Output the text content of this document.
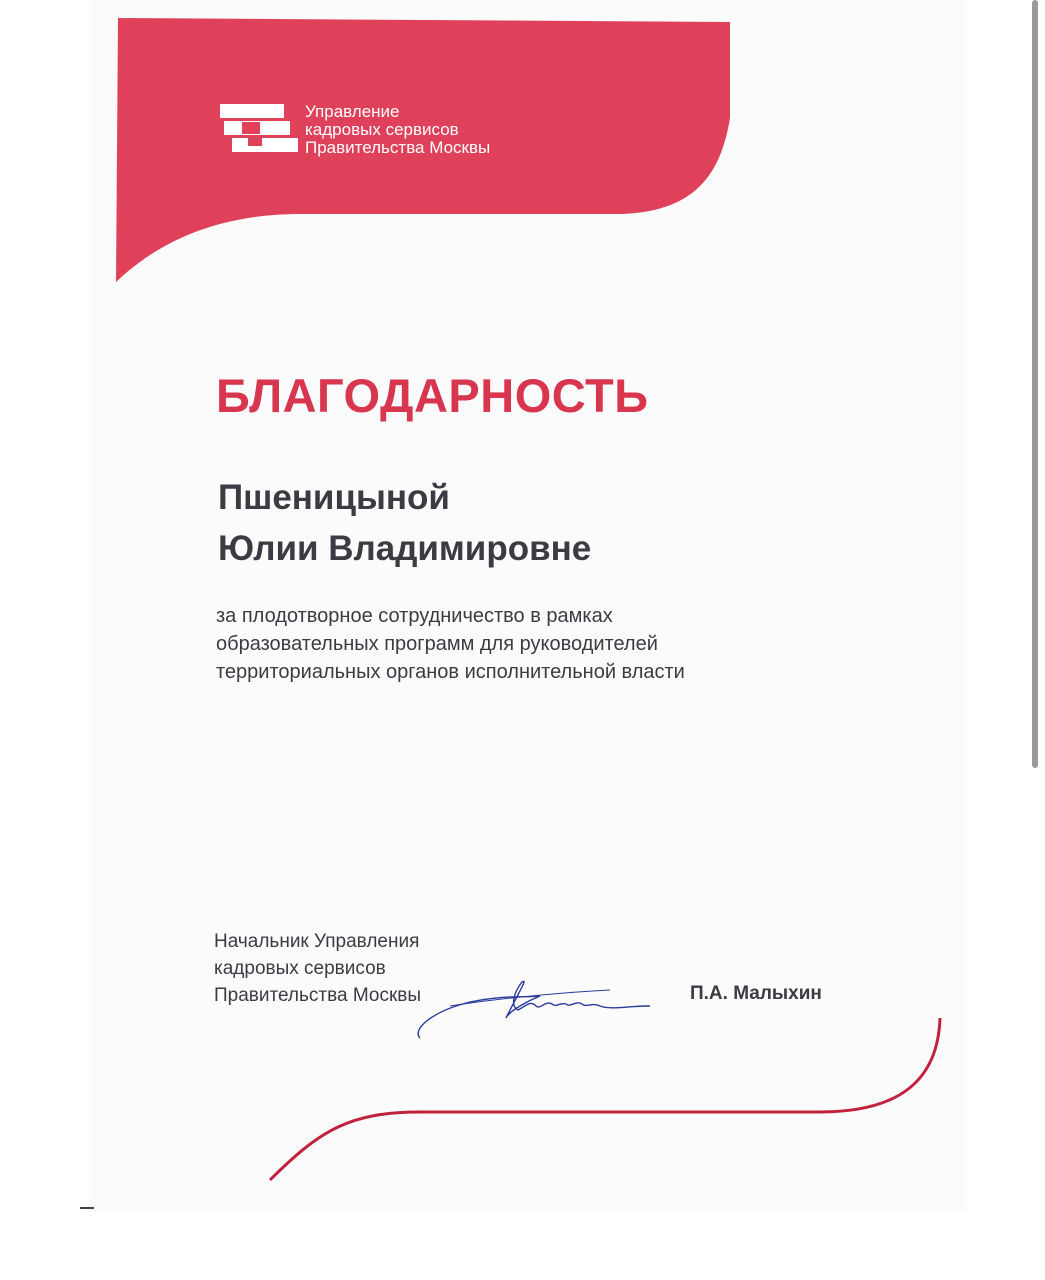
Управление
кадровых сервисов
Правительства Москвы
БЛАГОДАРНОСТЬ
Пшеницыной
Юлии Владимировне
за плодотворное сотрудничество в рамках
образовательных программ для руководителей
территориальных органов исполнительной власти
Начальник Управления
кадровых сервисов
Правительства Москвы	П.А. Малыхин
